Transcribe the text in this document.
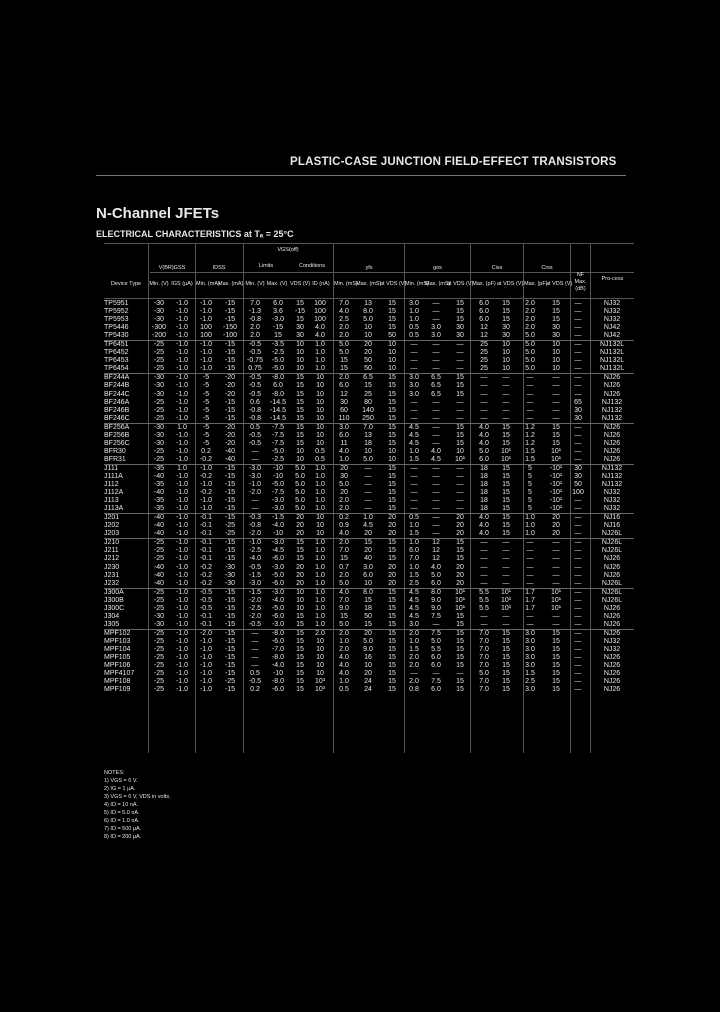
PLASTIC-CASE JUNCTION FIELD-EFFECT TRANSISTORS
N-Channel JFETs
ELECTRICAL CHARACTERISTICS at Tₐ = 25°C
Device Type
V(BR)GSS
Min. (V) IGS (µA)
IDSS
Min. (mA)
Max. (mA)
VGS(off)
Limits	Conditions
Min. (V) Max. (V) VDS (V) ID (nA)
yfs
Min. (mS)
Max. (mS)
at VDS (V)
gos
Min. (mS)
Max. (mS)
at VDS (V)
Ciss
Max. (pF) at VDS (V)
Crss
Max. (pF)
at VDS (V)
NF Max. (dB)
Pro-cess
TP5951	-30	-1.0	-1.0	-15	7.0	6.0	15	100	7.0	13	15	3.0	—	15	6.0	15	2.0	15	—	NJ32
TP5952	-30	-1.0	-1.0	-15	-1.3	3.6	-15	100	4.0	8.0	15	1.0	—	15	6.0	15	2.0	15	—	NJ32
TP5953	-30	-1.0	-1.0	-15	-0.8	-3.0	15	100	2.5	5.0	15	1.0	—	15	6.0	15	2.0	15	—	NJ32
TP5446	-300	-1.0	100	-150	2.0	-15	30	4.0	2.0	10	15	0.5	3.0	30	12	30	2.0	30	—	NJ42
TP5430	-200	-1.0	100	-100	2.0	15	30	4.0	2.0	10	50	0.5	3.0	30	12	30	5.0	30	—	NJ42
TP6451	-25	-1.0	-1.0	-15	-0.5	-3.5	10	1.0	5.0	20	10	—	—	—	25	10	5.0	10	—	NJ132L
TP6452	-25	-1.0	-1.0	-15	-0.5	-2.5	10	1.0	5.0	20	10	—	—	—	25	10	5.0	10	—	NJ132L
TP6453	-25	-1.0	-1.0	-15	-0.75	-5.0	10	1.0	15	50	10	—	—	—	25	10	5.0	10	—	NJ132L
TP6454	-25	-1.0	-1.0	-15	0.75	-5.0	10	1.0	15	50	10	—	—	—	25	10	5.0	10	—	NJ132L
BF244A	-30	-1.0	-5	-20	-0.5	-8.0	15	10	2.0	6.5	15	3.0	6.5	15	—	—	—	—	—	NJ26
BF244B	-30	-1.0	-5	-20	-0.5	6.0	15	10	6.0	15	15	3.0	6.5	15	—	—	—	—	—	NJ26
BF244C	-30	-1.0	-5	-20	-0.5	-8.0	15	10	12	25	15	3.0	6.5	15	—	—	—	—	—	NJ26
BF246A	-25	-1.0	-5	-15	0.6	-14.5	15	10	30	80	15	—	—	—	—	—	—	—	65	NJ132
BF246B	-25	-1.0	-5	-15	-0.8	-14.5	15	10	60	140	15	—	—	—	—	—	—	—	30	NJ132
BF246C	-25	-1.0	-5	-15	-0.8	-14.5	15	10	110	250	15	—	—	—	—	—	—	—	30	NJ132
BF256A	-30	1.0	-5	-20	0.5	-7.5	15	10	3.0	7.0	15	4.5	—	15	4.0	15	1.2	15	—	NJ26
BF256B	-30	-1.0	-5	-20	-0.5	-7.5	15	10	6.0	13	15	4.5	—	15	4.0	15	1.2	15	—	NJ26
BF256C	-30	-1.0	-5	-20	-0.5	-7.5	15	10	11	18	15	4.5	—	15	4.0	15	1.2	15	—	NJ26
BFR30	-25	-1.0	0.2	-40	—	-5.0	10	0.5	4.0	10	10	1.0	4.0	10	5.0	10¹	1.5	10¹	—	NJ26
BFR31	-25	-1.0	-0.2	-40	—	-2.5	10	0.5	1.0	5.0	10	1.5	4.5	10¹	6.0	10¹	1.5	10¹	—	NJ26
J111	-35	1.0	-1.0	-15	-3.0	-10	5.0	1.0	20	—	15	—	—	—	18	15	5	-10¹	30	NJ132
J111A	-40	-1.0	-0.2	-15	-3.0	-10	5.0	1.0	30	—	15	—	—	—	18	15	5	-10¹	30	NJ132
J112	-35	-1.0	-1.0	-15	-1.0	-5.0	5.0	1.0	5.0	—	15	—	—	—	18	15	5	-10¹	50	NJ132
J112A	-40	-1.0	-0.2	-15	-2.0	-7.5	5.0	1.0	20	—	15	—	—	—	18	15	5	-10¹	100	NJ32
J113	-35	-1.0	-1.0	-15	—	-3.0	5.0	1.0	2.0	—	15	—	—	—	18	15	5	-10¹	—	NJ32
J113A	-35	-1.0	-1.0	-15	—	-3.0	5.0	1.0	2.0	—	15	—	—	—	18	15	5	-10¹	—	NJ32
J201	-40	-1.0	-0.1	-15	-0.3	-1.5	20	10	0.2	1.0	20	0.5	—	20	4.0	15	1.0	20	—	NJ16
J202	-40	-1.0	-0.1	-25	-0.8	-4.0	20	10	0.9	4.5	20	1.0	—	20	4.0	15	1.0	20	—	NJ16
J203	-40	-1.0	-0.1	-25	-2.0	-10	20	10	4.0	20	20	1.5	—	20	4.0	15	1.0	20	—	NJ26L
J210	-25	-1.0	-0.1	-15	-1.0	-3.0	15	1.0	2.0	15	15	1.0	12	15	—	—	—	—	—	NJ26L
J211	-25	-1.0	-0.1	-15	-2.5	-4.5	15	1.0	7.0	20	15	6.0	12	15	—	—	—	—	—	NJ26L
J212	-25	-1.0	-0.1	-15	-4.0	-6.0	15	1.0	15	40	15	7.0	12	15	—	—	—	—	—	NJ26
J230	-40	-1.0	-0.2	-30	-0.5	-3.0	20	1.0	0.7	3.0	20	1.0	4.0	20	—	—	—	—	—	NJ26
J231	-40	-1.0	-0.2	-30	-1.5	-5.0	20	1.0	2.0	6.0	20	1.5	5.0	20	—	—	—	—	—	NJ26
J232	-40	-1.0	-0.2	-30	-3.0	-6.0	20	1.0	5.0	10	20	2.5	6.0	20	—	—	—	—	—	NJ26L
J300A	-25	-1.0	-0.5	-15	-1.5	-3.0	10	1.0	4.0	8.0	15	4.5	8.0	10¹	5.5	10¹	1.7	10¹	—	NJ26L
J300B	-25	-1.0	-0.5	-15	-2.0	-4.0	10	1.0	7.0	15	15	4.5	9.0	10¹	5.5	10¹	1.7	10¹	—	NJ26L
J300C	-25	-1.0	-0.5	-15	-2.5	-5.0	10	1.0	9.0	18	15	4.5	9.0	10¹	5.5	10¹	1.7	10¹	—	NJ26
J304	-30	-1.0	-0.1	-15	-2.0	-6.0	15	1.0	15	50	15	4.5	7.5	15	—	—	—	—	—	NJ26
J305	-30	-1.0	-0.1	-15	-0.5	-3.0	15	1.0	5.0	15	15	3.0	—	15	—	—	—	—	—	NJ26
MPF102	-25	-1.0	-2.0	-15	—	-8.0	15	2.0	2.0	20	15	2.0	7.5	15	7.0	15	3.0	15	—	NJ26
MPF103	-25	-1.0	-1.0	-15	—	-6.0	15	10	1.0	5.0	15	1.0	5.0	15	7.0	15	3.0	15	—	NJ32
MPF104	-25	-1.0	-1.0	-15	—	-7.0	15	10	2.0	9.0	15	1.5	5.5	15	7.0	15	3.0	15	—	NJ32
MPF105	-25	-1.0	-1.0	-15	—	-8.0	15	10	4.0	16	15	2.0	6.0	15	7.0	15	3.0	15	—	NJ26
MPF106	-25	-1.0	-1.0	-15	—	-4.0	15	10	4.0	10	15	2.0	6.0	15	7.0	15	3.0	15	—	NJ26
MPF4107	-25	-1.0	-1.0	-15	0.5	-10	15	10	4.0	20	15	—	—	—	5.0	15	1.5	15	—	NJ26
MPF108	-25	-1.0	-1.0	-25	-0.5	-8.0	15	10³	1.0	24	15	2.0	7.5	15	7.0	15	2.5	15	—	NJ26
MPF109	-25	-1.0	-1.0	-15	0.2	-6.0	15	10³	0.5	24	15	0.8	6.0	15	7.0	15	3.0	15	—	NJ26
NOTES:
1) VGS = 0 V.
2) IG = 1 µA.
3) VGS = 0 V, VDS in volts.
4) ID = 10 nA.
5) ID = 5.0 nA.
6) ID = 1.0 nA.
7) ID = 500 µA.
8) ID = 200 µA.
